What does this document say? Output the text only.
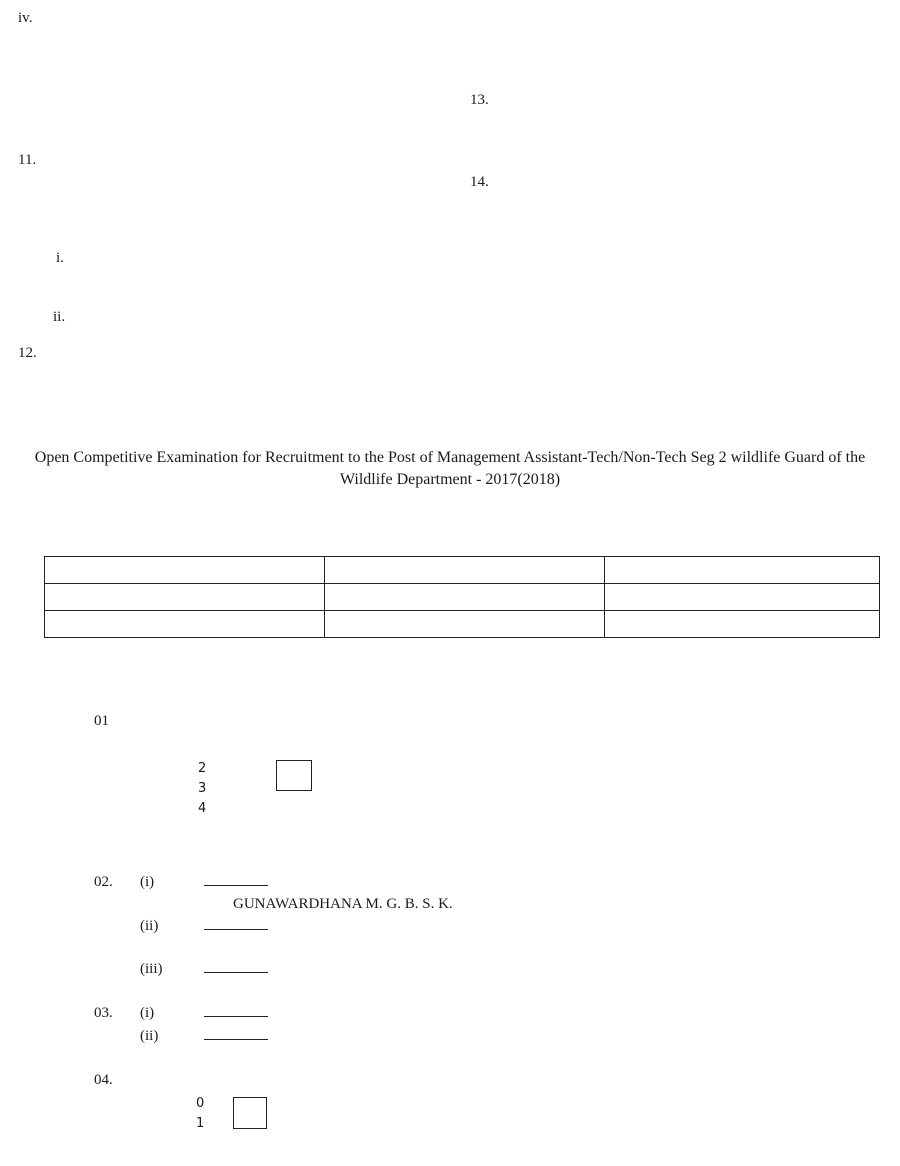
iv.
11.
i.
ii.
12.
13.
14.
Open Competitive Examination for Recruitment to the Post of Management Assistant-Tech/Non-Tech Seg 2 wildlife Guard of the Wildlife Department - 2017(2018)

01
2
3
4
02. (i)
GUNAWARDHANA M. G. B. S. K.
(ii)
(iii)
03. (i)
(ii)
04.
0
1
